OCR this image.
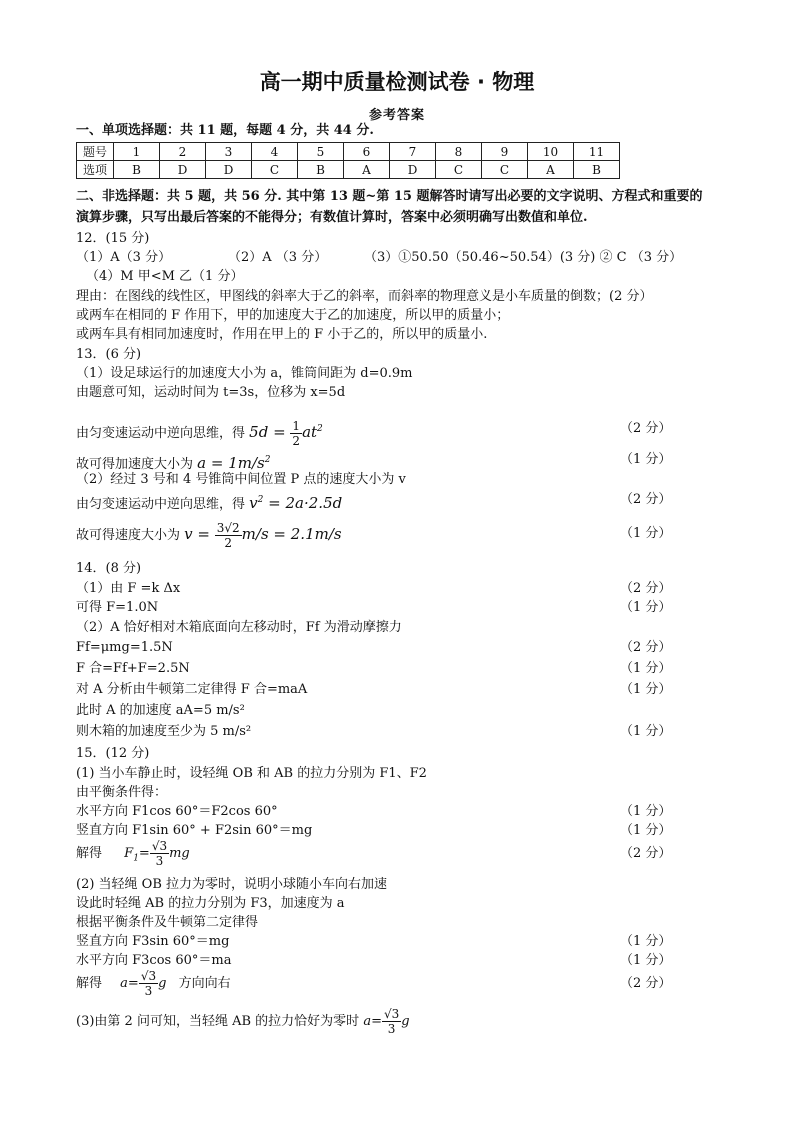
高一期中质量检测试卷 · 物理
参考答案
一、单项选择题：共 11 题，每题 4 分，共 44 分.
题号	1	2	3	4	5	6	7	8	9	10	11
选项	B	D	D	C	B	A	D	C	C	A	B
二、非选择题：共 5 题，共 56 分. 其中第 13 题~第 15 题解答时请写出必要的文字说明、方程式和重要的
演算步骤，只写出最后答案的不能得分；有数值计算时，答案中必须明确写出数值和单位.
12．(15 分)
（1）A（3 分）	（2）A （3 分）	（3）①50.50（50.46~50.54）(3 分) ② C （3 分）
（4）M 甲<M 乙（1 分）
理由：在图线的线性区，甲图线的斜率大于乙的斜率，而斜率的物理意义是小车质量的倒数；(2 分）
或两车在相同的 F 作用下，甲的加速度大于乙的加速度，所以甲的质量小；
或两车具有相同加速度时，作用在甲上的 F 小于乙的，所以甲的质量小.
13．(6 分)
（1）设足球运行的加速度大小为 a，锥筒间距为 d=0.9m
由题意可知，运动时间为 t=3s，位移为 x=5d
由匀变速运动中逆向思维，得 $5d = \frac{1}{2} at^2$	（2 分）
故可得加速度大小为 $a = 1m/s^2$	（1 分）
（2）经过 3 号和 4 号锥筒中间位置 P 点的速度大小为 v
由匀变速运动中逆向思维，得 $v^2 = 2a\cdot 2.5d$	（2 分）
故可得速度大小为 $v = \frac{3√2}{2} m/s = 2.1m/s$	（1 分）
14．(8 分)
（1）由 F =k Δx	（2 分）
可得 F=1.0N	（1 分）
（2）A 恰好相对木箱底面向左移动时，Ff 为滑动摩擦力
Ff=μmg=1.5N	（2 分）
F 合=Ff+F=2.5N	（1 分）
对 A 分析由牛顿第二定律得 F 合=maA	（1 分）
此时 A 的加速度 aA=5 m/s²
则木箱的加速度至少为 5 m/s²	（1 分）
15．(12 分)
(1) 当小车静止时，设轻绳 OB 和 AB 的拉力分别为 F1、F2
由平衡条件得：
水平方向 F1cos 60°＝F2cos 60°	（1 分）
竖直方向 F1sin 60° + F2sin 60°＝mg	（1 分）
解得 $F_1= \frac{√3}{3}$ mg	（2 分）
(2) 当轻绳 OB 拉力为零时，说明小球随小车向右加速
设此时轻绳 AB 的拉力分别为 F3，加速度为 a
根据平衡条件及牛顿第二定律得
竖直方向 F3sin 60°＝mg	（1 分）
水平方向 F3cos 60°＝ma	（1 分）
解得 $a= \frac{√3}{3}$ g 方向向右	（2 分）
(3)由第 2 问可知，当轻绳 AB 的拉力恰好为零时 $a= \frac{√3}{3}$ g
